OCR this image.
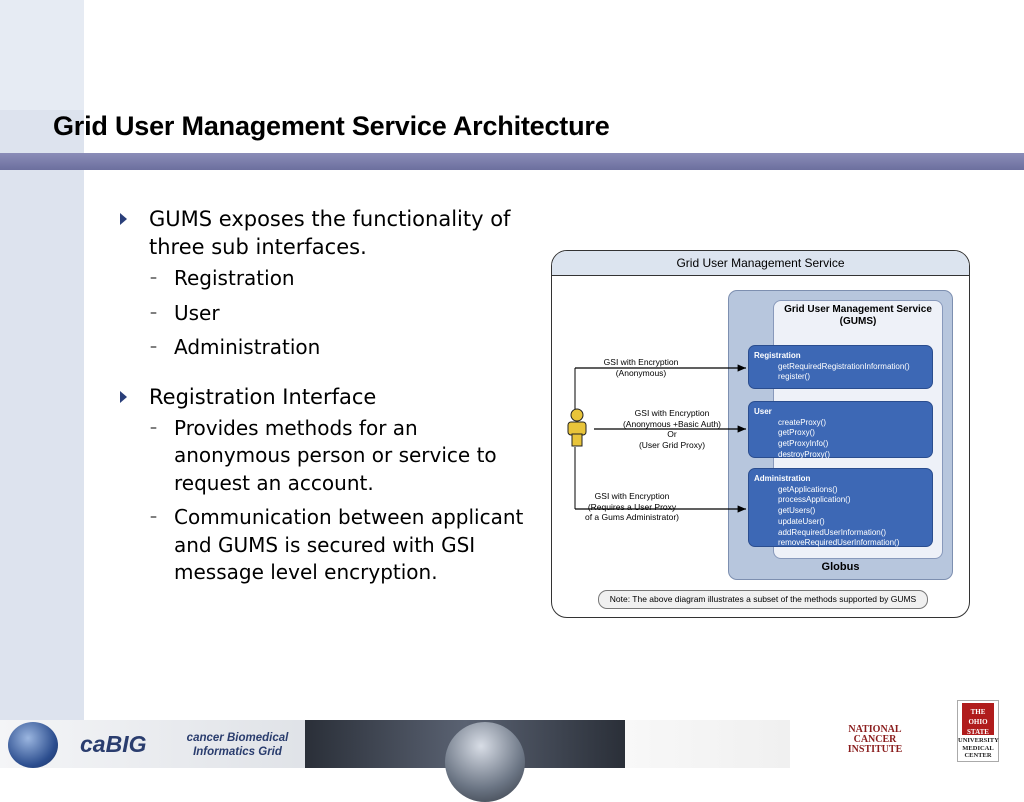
Grid User Management Service Architecture
GUMS exposes the functionality of three sub interfaces.
– Registration
– User
– Administration
Registration Interface
– Provides methods for an anonymous person or service to request an account.
– Communication between applicant and GUMS is secured with GSI message level encryption.
Grid User Management Service
Grid User Management Service
(GUMS)
Registration
getRequiredRegistrationInformation()
register()
User
createProxy()
getProxy()
getProxyInfo()
destroyProxy()
Administration
getApplications()
processApplication()
getUsers()
updateUser()
addRequiredUserInformation()
removeRequiredUserInformation()
Globus
GSI with Encryption
(Anonymous)
GSI with Encryption
(Anonymous +Basic Auth)
Or
(User Grid Proxy)
GSI with Encryption
(Requires a User Proxy
of a Gums Administrator)
Note: The above diagram illustrates a subset of the methods supported by GUMS
caBIG	cancer Biomedical
Informatics Grid
NATIONAL
CANCER
INSTITUTE
THE
OHIO
STATE
UNIVERSITY
MEDICAL
CENTER
